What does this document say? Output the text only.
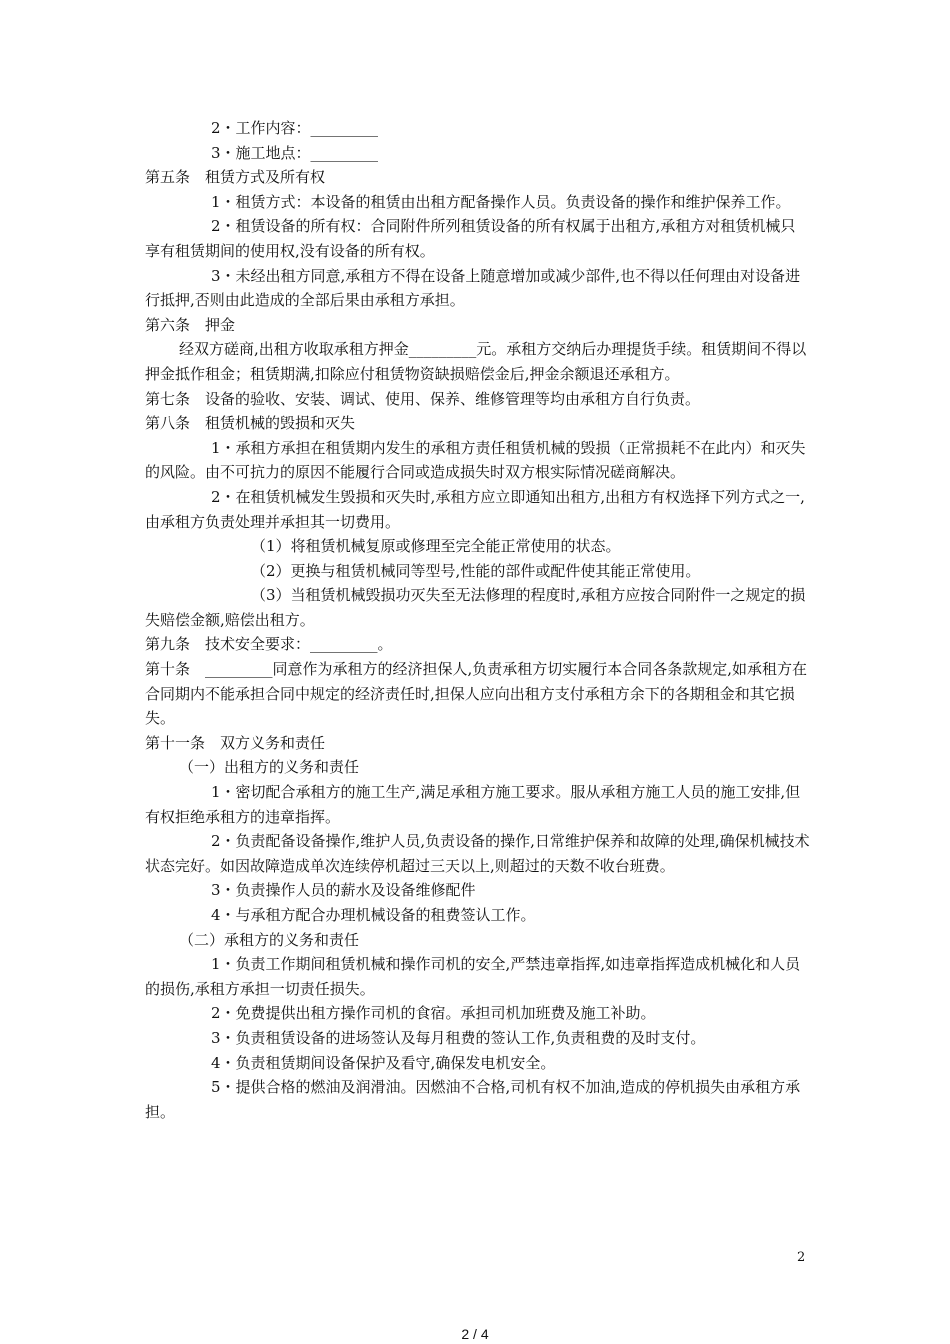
2・工作内容：_________

3・施工地点：_________

第五条　租赁方式及所有权

1・租赁方式：本设备的租赁由出租方配备操作人员。负责设备的操作和维护保养工作。

2・租赁设备的所有权：合同附件所列租赁设备的所有权属于出租方,承租方对租赁机械只享有租赁期间的使用权,没有设备的所有权。

3・未经出租方同意,承租方不得在设备上随意增加或减少部件,也不得以任何理由对设备进行抵押,否则由此造成的全部后果由承租方承担。

第六条　押金

经双方磋商,出租方收取承租方押金_________元。承租方交纳后办理提货手续。租赁期间不得以押金抵作租金；租赁期满,扣除应付租赁物资缺损赔偿金后,押金余额退还承租方。

第七条　设备的验收、安装、调试、使用、保养、维修管理等均由承租方自行负责。

第八条　租赁机械的毁损和灭失

1・承租方承担在租赁期内发生的承租方责任租赁机械的毁损（正常损耗不在此内）和灭失的风险。由不可抗力的原因不能履行合同或造成损失时双方根实际情况磋商解决。

2・在租赁机械发生毁损和灭失时,承租方应立即通知出租方,出租方有权选择下列方式之一,由承租方负责处理并承担其一切费用。

（1）将租赁机械复原或修理至完全能正常使用的状态。

（2）更换与租赁机械同等型号,性能的部件或配件使其能正常使用。

（3）当租赁机械毁损功灭失至无法修理的程度时,承租方应按合同附件一之规定的损失赔偿金额,赔偿出租方。

第九条　技术安全要求：_________。

第十条　_________同意作为承租方的经济担保人,负责承租方切实履行本合同各条款规定,如承租方在合同期内不能承担合同中规定的经济责任时,担保人应向出租方支付承租方余下的各期租金和其它损失。

第十一条　双方义务和责任

（一）出租方的义务和责任

1・密切配合承租方的施工生产,满足承租方施工要求。服从承租方施工人员的施工安排,但有权拒绝承租方的违章指挥。

2・负责配备设备操作,维护人员,负责设备的操作,日常维护保养和故障的处理,确保机械技术状态完好。如因故障造成单次连续停机超过三天以上,则超过的天数不收台班费。

3・负责操作人员的薪水及设备维修配件

4・与承租方配合办理机械设备的租费签认工作。

（二）承租方的义务和责任

1・负责工作期间租赁机械和操作司机的安全,严禁违章指挥,如违章指挥造成机械化和人员的损伤,承租方承担一切责任损失。

2・免费提供出租方操作司机的食宿。承担司机加班费及施工补助。

3・负责租赁设备的进场签认及每月租费的签认工作,负责租费的及时支付。

4・负责租赁期间设备保护及看守,确保发电机安全。

5・提供合格的燃油及润滑油。因燃油不合格,司机有权不加油,造成的停机损失由承租方承担。

2
2 / 4
